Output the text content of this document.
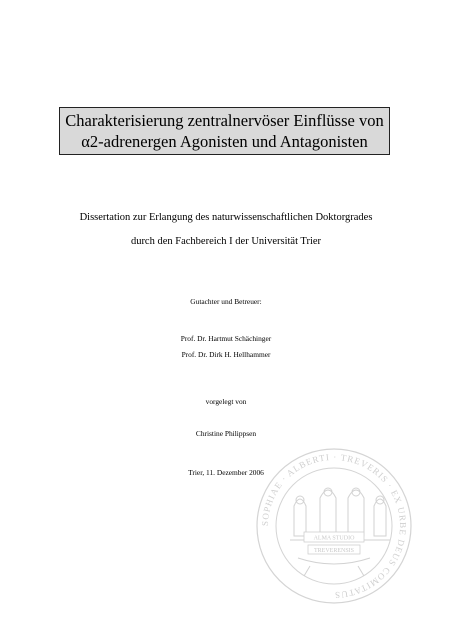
Charakterisierung zentralnervöser Einflüsse von
α2-adrenergen Agonisten und Antagonisten
Dissertation zur Erlangung des naturwissenschaftlichen Doktorgrades
durch den Fachbereich I der Universität Trier
Gutachter und Betreuer:
Prof. Dr. Hartmut Schächinger
Prof. Dr. Dirk H. Hellhammer
vorgelegt von
Christine Philippsen
Trier, 11. Dezember 2006
SOPHIAE · ALBERTI · TREVERIS · EX URBE DEUS COMITATUS
ALMA STUDIO
TREVERENSIS
